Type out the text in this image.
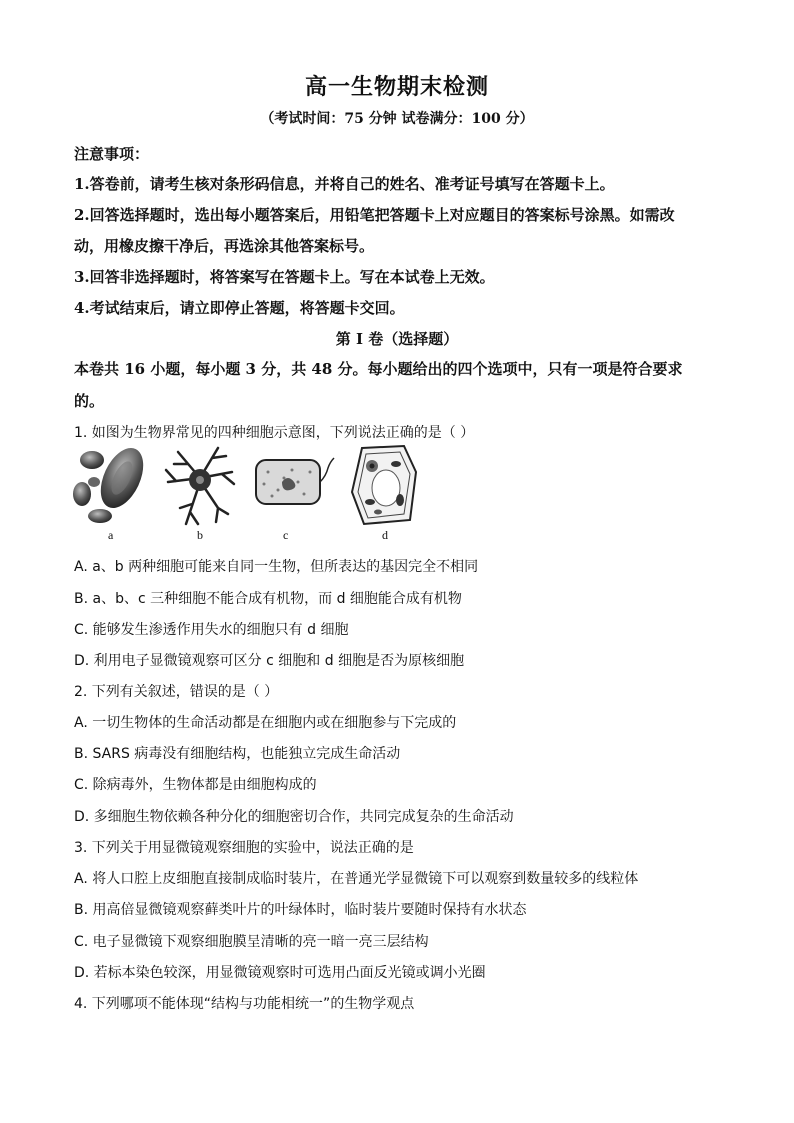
高一生物期末检测
（考试时间：75 分钟 试卷满分：100 分）
注意事项：
1.答卷前，请考生核对条形码信息，并将自己的姓名、准考证号填写在答题卡上。
2.回答选择题时，选出每小题答案后，用铅笔把答题卡上对应题目的答案标号涂黑。如需改
动，用橡皮擦干净后，再选涂其他答案标号。
3.回答非选择题时，将答案写在答题卡上。写在本试卷上无效。
4.考试结束后，请立即停止答题，将答题卡交回。
第 I 卷（选择题）
本卷共 16 小题，每小题 3 分，共 48 分。每小题给出的四个选项中，只有一项是符合要求
的。
1. 如图为生物界常见的四种细胞示意图，下列说法正确的是（ ）
a	b	c	d
A. a、b 两种细胞可能来自同一生物，但所表达的基因完全不相同
B. a、b、c 三种细胞不能合成有机物，而 d 细胞能合成有机物
C. 能够发生渗透作用失水的细胞只有 d 细胞
D. 利用电子显微镜观察可区分 c 细胞和 d 细胞是否为原核细胞
2. 下列有关叙述，错误的是（ ）
A. 一切生物体的生命活动都是在细胞内或在细胞参与下完成的
B. SARS 病毒没有细胞结构，也能独立完成生命活动
C. 除病毒外，生物体都是由细胞构成的
D. 多细胞生物依赖各种分化的细胞密切合作，共同完成复杂的生命活动
3. 下列关于用显微镜观察细胞的实验中，说法正确的是
A. 将人口腔上皮细胞直接制成临时装片，在普通光学显微镜下可以观察到数量较多的线粒体
B. 用高倍显微镜观察藓类叶片的叶绿体时，临时装片要随时保持有水状态
C. 电子显微镜下观察细胞膜呈清晰的亮一暗一亮三层结构
D. 若标本染色较深，用显微镜观察时可选用凸面反光镜或调小光圈
4. 下列哪项不能体现“结构与功能相统一”的生物学观点
